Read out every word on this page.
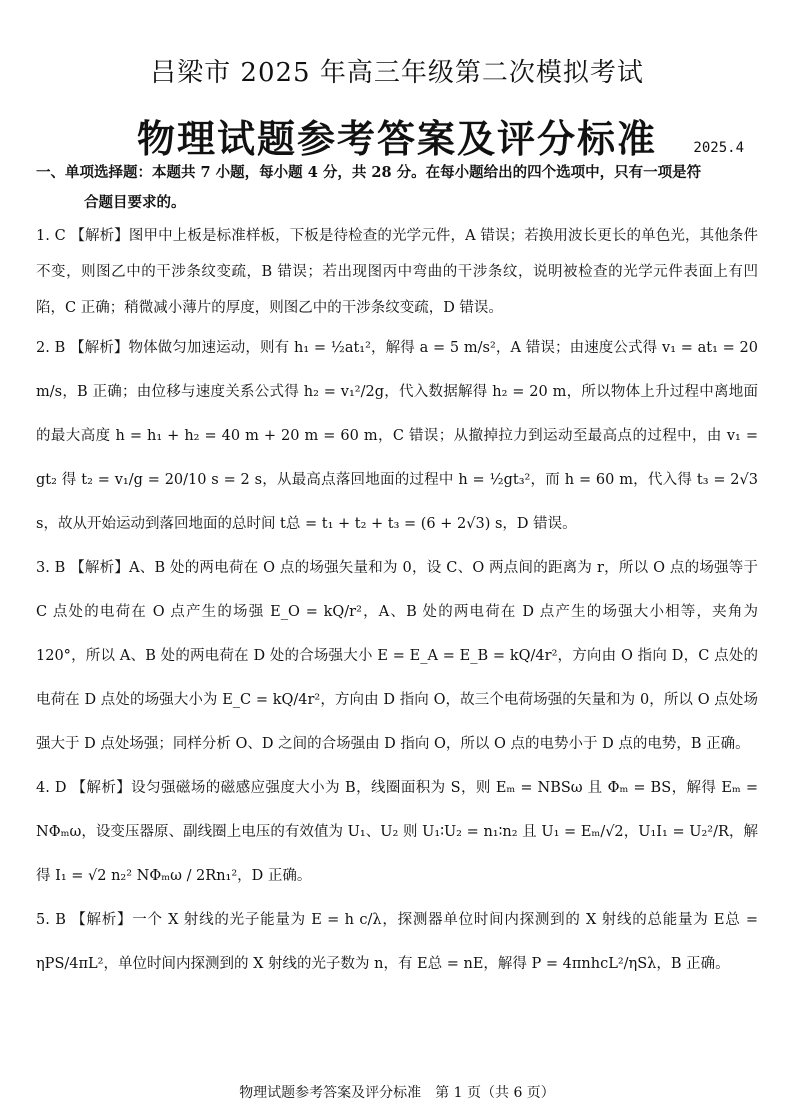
吕梁市 2025 年高三年级第二次模拟考试
物理试题参考答案及评分标准	2025.4

一、单项选择题：本题共 7 小题，每小题 4 分，共 28 分。在每小题给出的四个选项中，只有一项是符
合题目要求的。

1. C 【解析】图甲中上板是标准样板，下板是待检查的光学元件，A 错误；若换用波长更长的单色光，其他条件不变，则图乙中的干涉条纹变疏，B 错误；若出现图丙中弯曲的干涉条纹，说明被检查的光学元件表面上有凹陷，C 正确；稍微减小薄片的厚度，则图乙中的干涉条纹变疏，D 错误。

2. B 【解析】物体做匀加速运动，则有 h₁ = ½at₁²，解得 a = 5 m/s²，A 错误；由速度公式得 v₁ = at₁ = 20 m/s，B 正确；由位移与速度关系公式得 h₂ = v₁²/2g，代入数据解得 h₂ = 20 m，所以物体上升过程中离地面的最大高度 h = h₁ + h₂ = 40 m + 20 m = 60 m，C 错误；从撤掉拉力到运动至最高点的过程中，由 v₁ = gt₂ 得 t₂ = v₁/g = 20/10 s = 2 s，从最高点落回地面的过程中 h = ½gt₃²，而 h = 60 m，代入得 t₃ = 2√3 s，故从开始运动到落回地面的总时间 t总 = t₁ + t₂ + t₃ = (6 + 2√3) s，D 错误。

3. B 【解析】A、B 处的两电荷在 O 点的场强矢量和为 0，设 C、O 两点间的距离为 r，所以 O 点的场强等于 C 点处的电荷在 O 点产生的场强 E_O = kQ/r²，A、B 处的两电荷在 D 点产生的场强大小相等，夹角为 120°，所以 A、B 处的两电荷在 D 处的合场强大小 E = E_A = E_B = kQ/4r²，方向由 O 指向 D，C 点处的电荷在 D 点处的场强大小为 E_C = kQ/4r²，方向由 D 指向 O，故三个电荷场强的矢量和为 0，所以 O 点处场强大于 D 点处场强；同样分析 O、D 之间的合场强由 D 指向 O，所以 O 点的电势小于 D 点的电势，B 正确。

4. D 【解析】设匀强磁场的磁感应强度大小为 B，线圈面积为 S，则 Eₘ = NBSω 且 Φₘ = BS，解得 Eₘ = NΦₘω，设变压器原、副线圈上电压的有效值为 U₁、U₂ 则 U₁∶U₂ = n₁∶n₂ 且 U₁ = Eₘ/√2，U₁I₁ = U₂²/R，解得 I₁ = √2 n₂² NΦₘω / 2Rn₁²，D 正确。

5. B 【解析】一个 X 射线的光子能量为 E = h c/λ，探测器单位时间内探测到的 X 射线的总能量为 E总 = ηPS/4πL²，单位时间内探测到的 X 射线的光子数为 n，有 E总 = nE，解得 P = 4πnhcL²/ηSλ，B 正确。

物理试题参考答案及评分标准　第 1 页（共 6 页）
